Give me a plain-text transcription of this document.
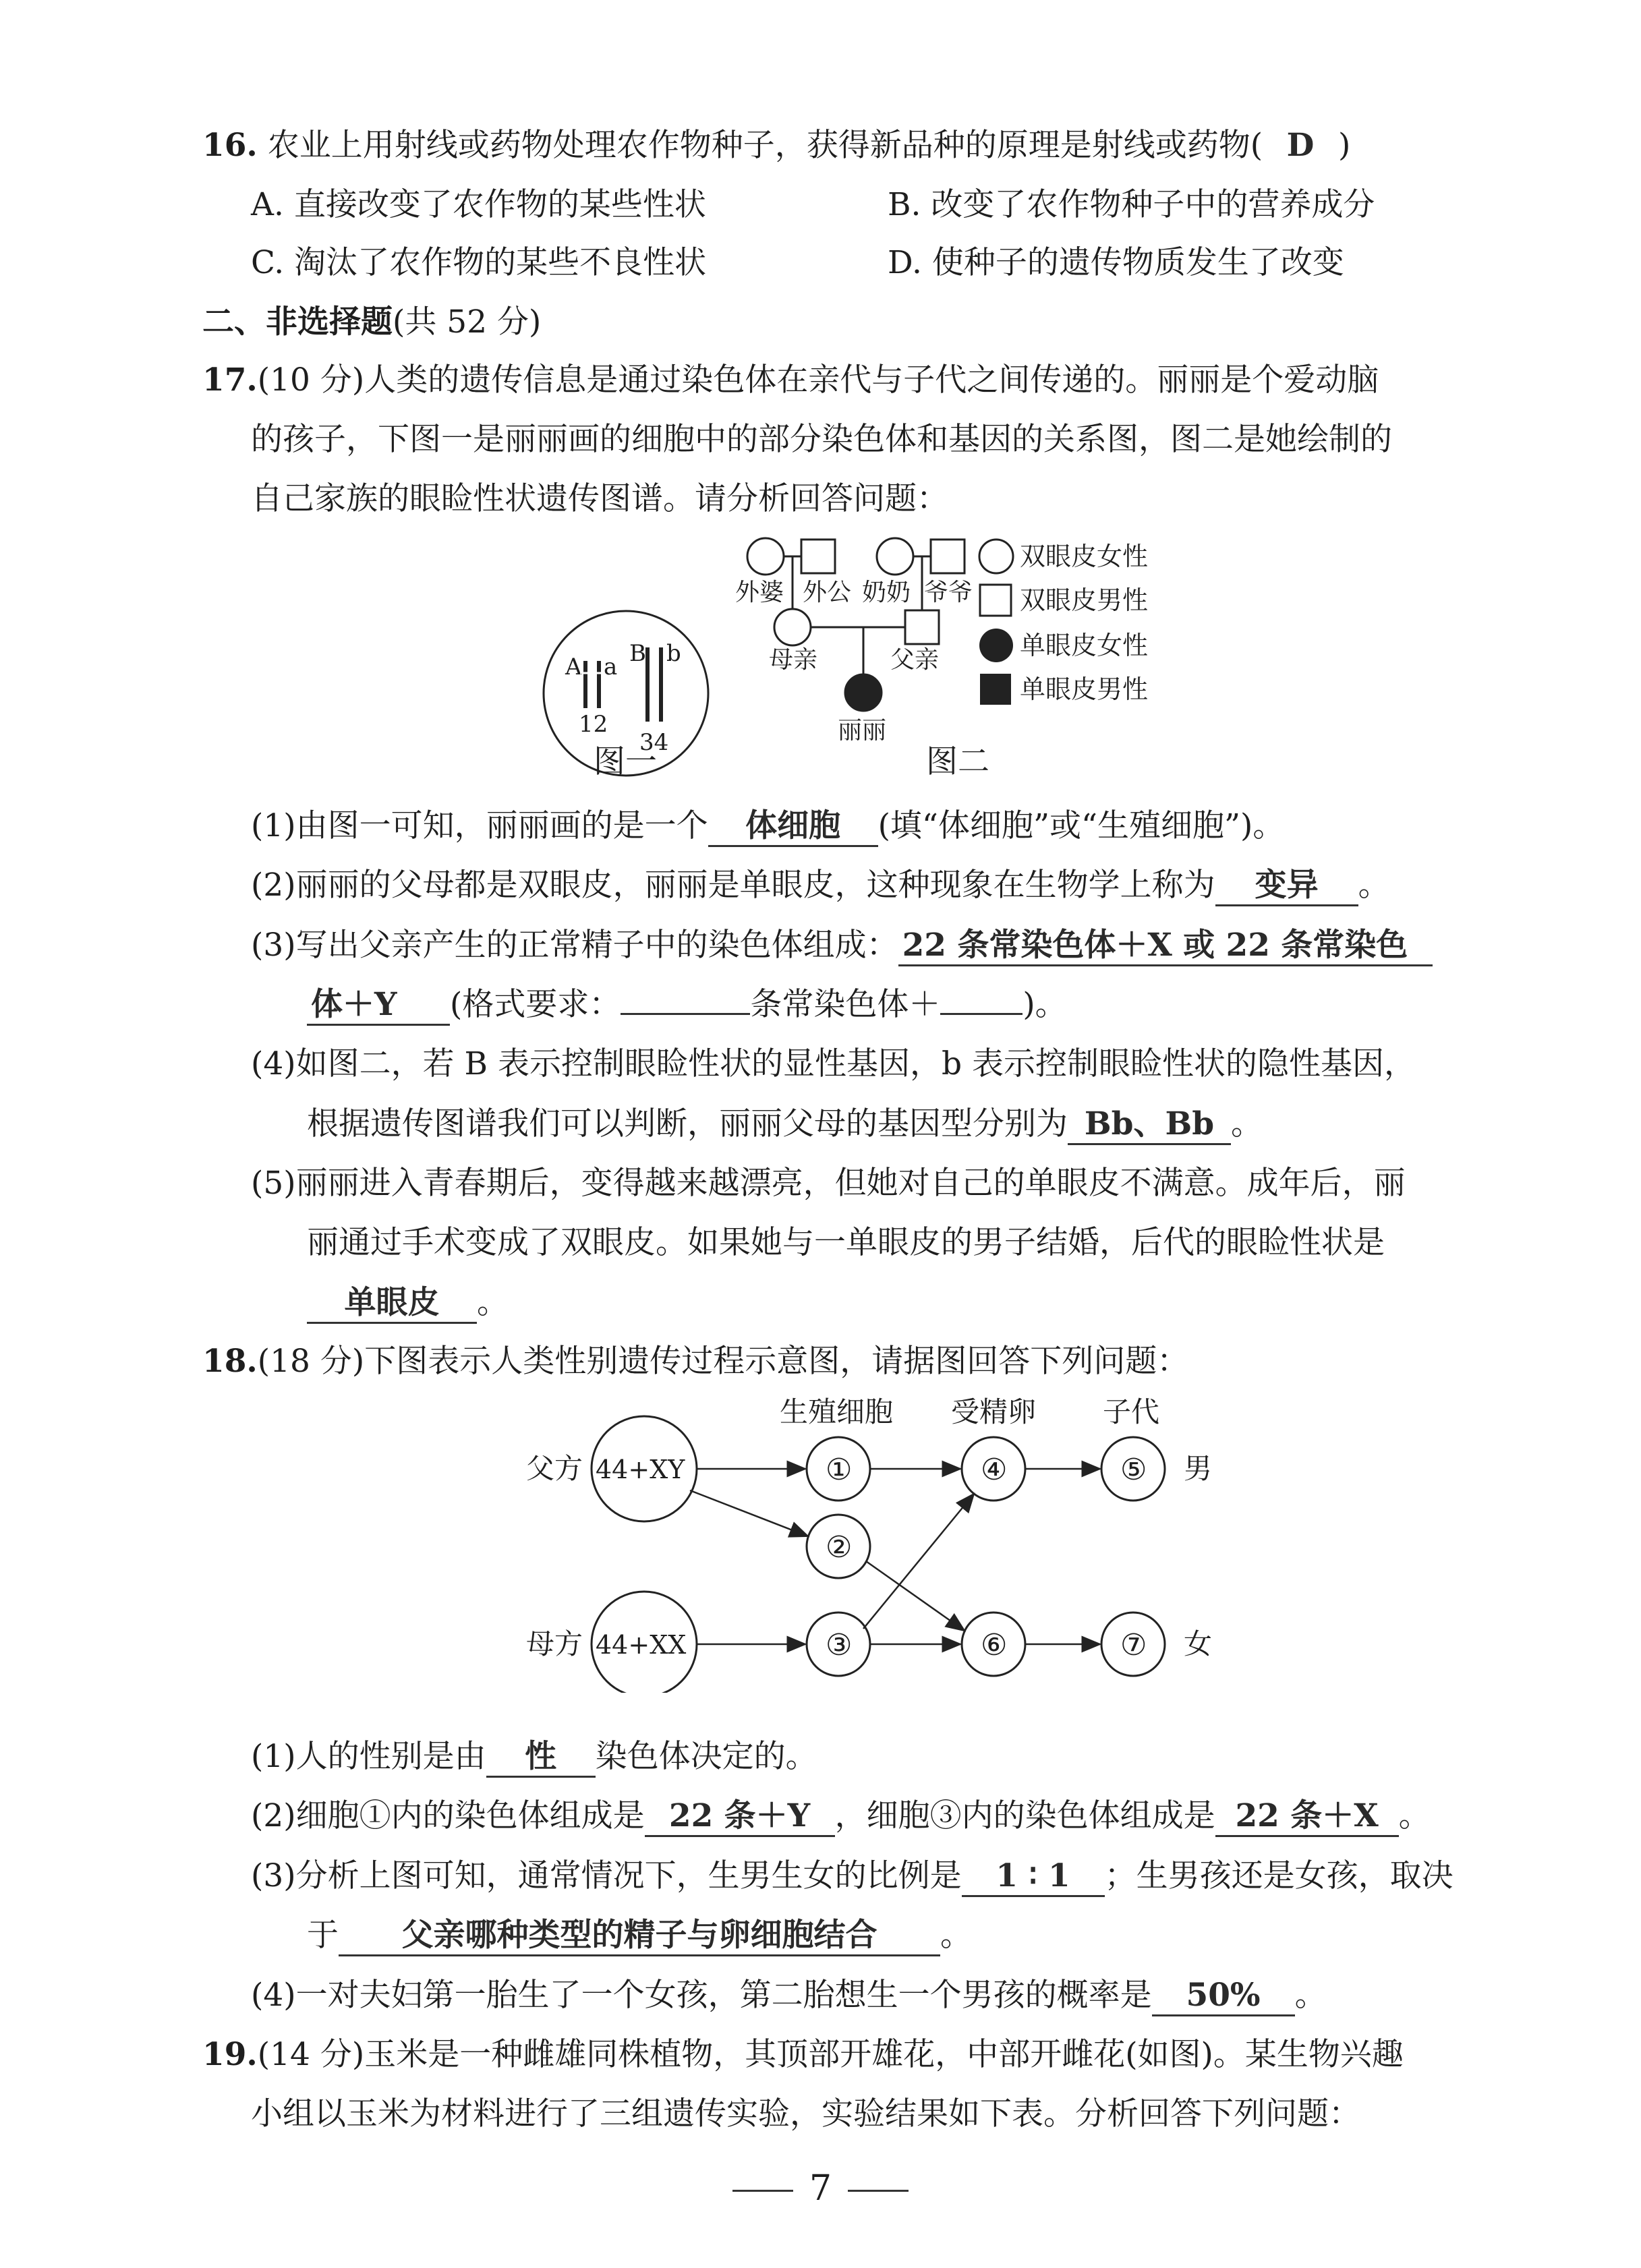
16. 农业上用射线或药物处理农作物种子，获得新品种的原理是射线或药物( D )
A. 直接改变了农作物的某些性状	B. 改变了农作物种子中的营养成分
C. 淘汰了农作物的某些不良性状	D. 使种子的遗传物质发生了改变
二、非选择题(共 52 分)
17.(10 分)人类的遗传信息是通过染色体在亲代与子代之间传递的。丽丽是个爱动脑
的孩子，下图一是丽丽画的细胞中的部分染色体和基因的关系图，图二是她绘制的
自己家族的眼睑性状遗传图谱。请分析回答问题：
A a B b
12
34
图一
外婆 外公 奶奶 爷爷
母亲	父亲
丽丽
双眼皮女性
双眼皮男性
单眼皮女性
单眼皮男性
图二
(1)由图一可知，丽丽画的是一个 体细胞 (填“体细胞”或“生殖细胞”)。
(2)丽丽的父母都是双眼皮，丽丽是单眼皮，这种现象在生物学上称为 变异 。
(3)写出父亲产生的正常精子中的染色体组成： 22 条常染色体＋X 或 22 条常染色
体＋Y (格式要求：	条常染色体＋	)。
(4)如图二，若 B 表示控制眼睑性状的显性基因，b 表示控制眼睑性状的隐性基因，
根据遗传图谱我们可以判断，丽丽父母的基因型分别为 Bb、Bb 。
(5)丽丽进入青春期后，变得越来越漂亮，但她对自己的单眼皮不满意。成年后，丽
丽通过手术变成了双眼皮。如果她与一单眼皮的男子结婚，后代的眼睑性状是
单眼皮 。
18.(18 分)下图表示人类性别遗传过程示意图，请据图回答下列问题：
生殖细胞 受精卵 子代
父方 44+XY
母方 44+XX
①
②
③
④
⑥
⑤
⑦
男
女
(1)人的性别是由 性 染色体决定的。
(2)细胞①内的染色体组成是 22 条＋Y ，细胞③内的染色体组成是 22 条＋X 。
(3)分析上图可知，通常情况下，生男生女的比例是 1 ∶ 1 ；生男孩还是女孩，取决
于 父亲哪种类型的精子与卵细胞结合 。
(4)一对夫妇第一胎生了一个女孩，第二胎想生一个男孩的概率是 50% 。
19.(14 分)玉米是一种雌雄同株植物，其顶部开雄花，中部开雌花(如图)。某生物兴趣
小组以玉米为材料进行了三组遗传实验，实验结果如下表。分析回答下列问题：
7
